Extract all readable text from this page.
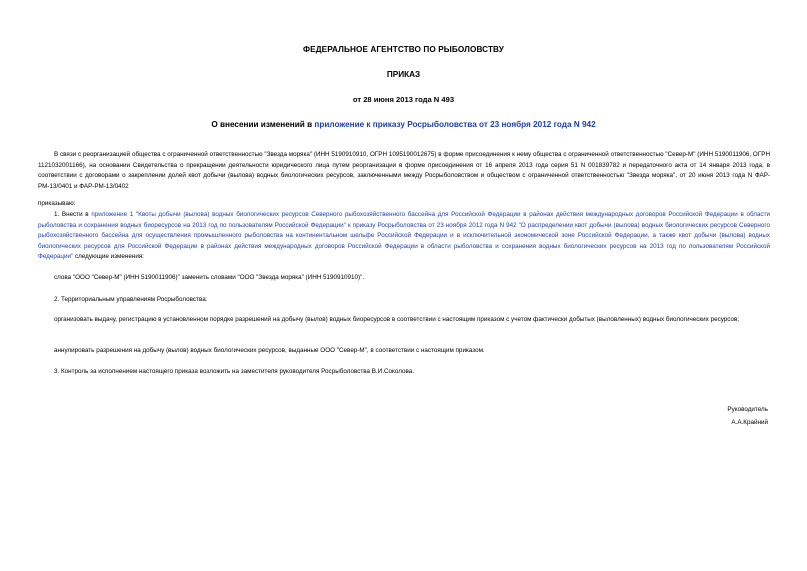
ФЕДЕРАЛЬНОЕ АГЕНТСТВО ПО РЫБОЛОВСТВУ
ПРИКАЗ
от 28 июня 2013 года N 493
О внесении изменений в приложение к приказу Росрыболовства от 23 ноября 2012 года N 942
В связи с реорганизацией общества с ограниченной ответственностью "Звезда моряка" (ИНН 5190910910, ОГРН 1095190012675) в форме присоединения к нему общества с ограниченной ответственностью "Север-М" (ИНН 5190011906, ОГРН 1121032001166), на основании Свидетельства о прекращении деятельности юридического лица путем реорганизации в форме присоединения от 16 апреля 2013 года серия 51 N 001839782 и передаточного акта от 14 января 2013 года, в соответствии с договорами о закреплении долей квот добычи (вылова) водных биологических ресурсов, заключенными между Росрыболовством и обществом с ограниченной ответственностью "Звезда моряка", от 20 июня 2013 года N ФАР-РМ-13/0401 и ФАР-РМ-13/0402
приказываю:
1. Внести в приложение 1 "Квоты добычи (вылова) водных биологических ресурсов Северного рыбохозяйственного бассейна для Российской Федерации в районах действия международных договоров Российской Федерации в области рыболовства и сохранения водных биоресурсов на 2013 год по пользователям Российской Федерации" к приказу Росрыболовства от 23 ноября 2012 года N 942 "О распределении квот добычи (вылова) водных биологических ресурсов Северного рыбохозяйственного бассейна для осуществления промышленного рыболовства на континентальном шельфе Российской Федерации и в исключительной экономической зоне Российской Федерации, а также квот добычи (вылова) водных биологических ресурсов для Российской Федерации в районах действия международных договоров Российской Федерации в области рыболовства и сохранения водных биологических ресурсов на 2013 год по пользователям Российской Федерации" следующие изменения:
слова "ООО "Север-М" (ИНН 5190011906)" заменить словами "ООО "Звезда моряка" (ИНН 5190910910)".
2. Территориальным управлениям Росрыболовства:
организовать выдачу, регистрацию в установленном порядке разрешений на добычу (вылов) водных биоресурсов в соответствии с настоящим приказом с учетом фактически добытых (выловленных) водных биологических ресурсов;
аннулировать разрешения на добычу (вылов) водных биологических ресурсов, выданные ООО "Север-М", в соответствии с настоящим приказом.
3. Контроль за исполнением настоящего приказа возложить на заместителя руководителя Росрыболовства В.И.Соколова.
Руководитель
А.А.Крайний
